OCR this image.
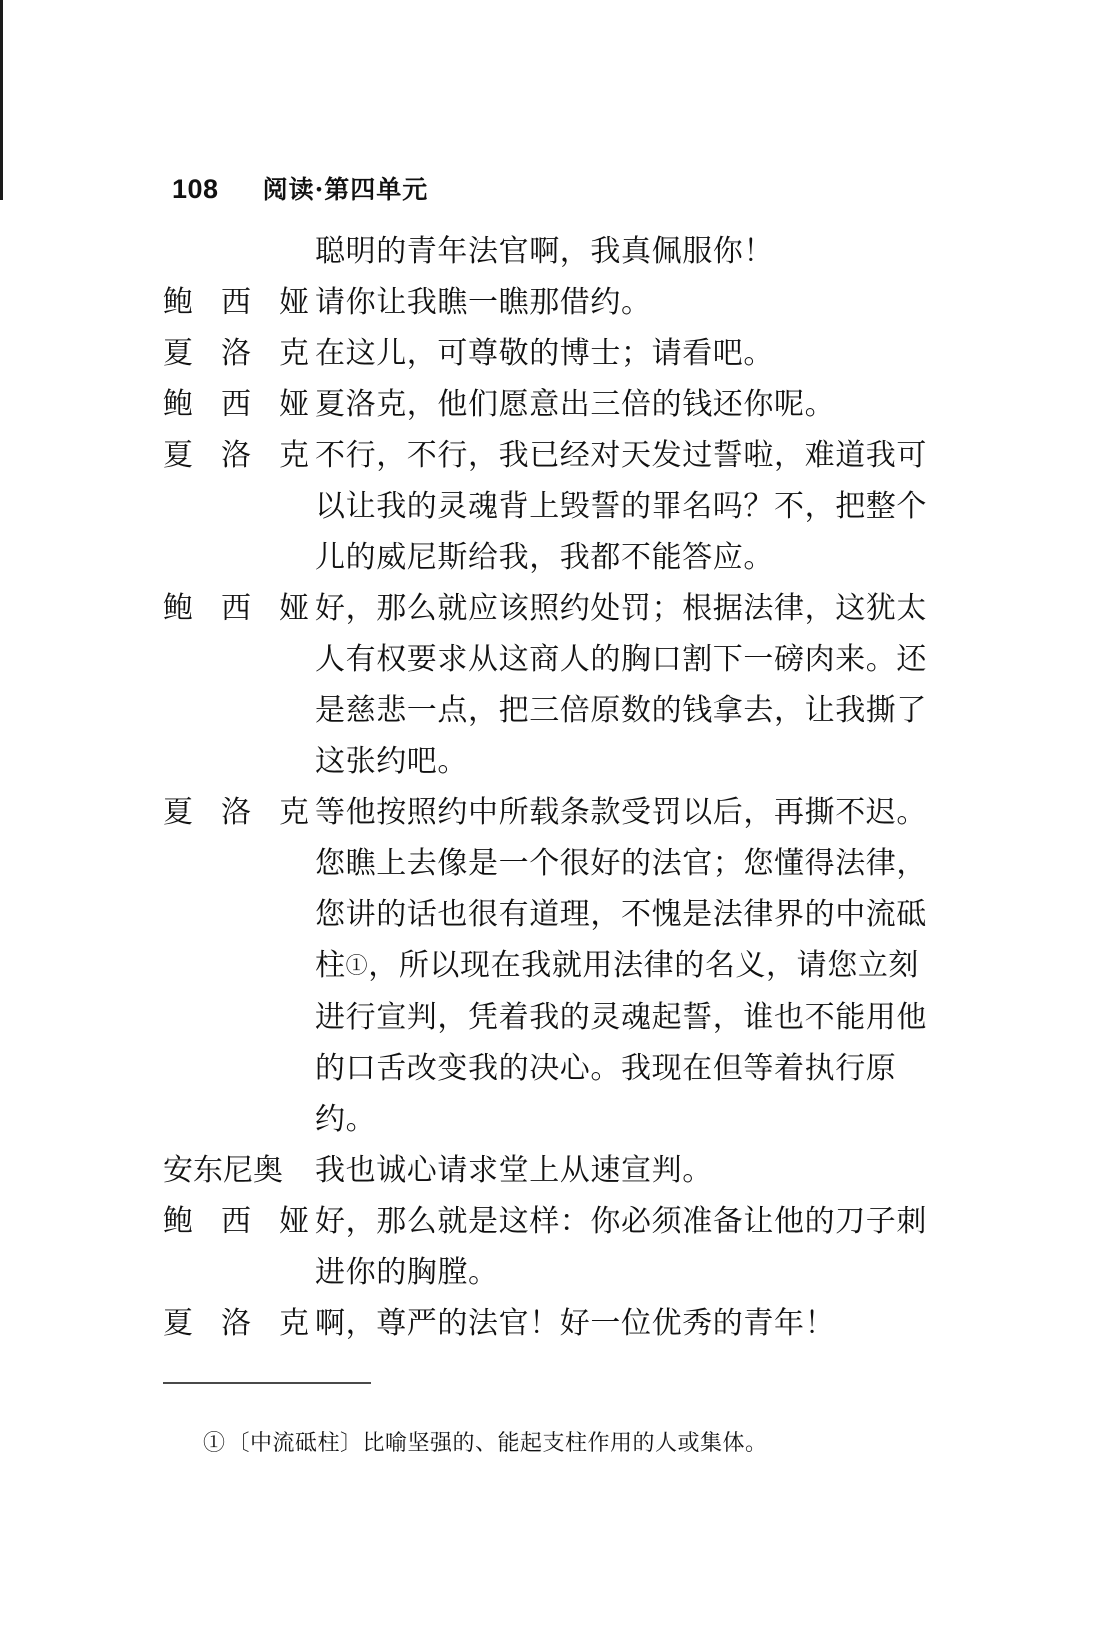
108 阅读·第四单元
聪明的青年法官啊，我真佩服你！
鲍 西 娅 请你让我瞧一瞧那借约。
夏 洛 克 在这儿，可尊敬的博士；请看吧。
鲍 西 娅 夏洛克，他们愿意出三倍的钱还你呢。
夏 洛 克 不行，不行，我已经对天发过誓啦，难道我可
以让我的灵魂背上毁誓的罪名吗？不，把整个
儿的威尼斯给我，我都不能答应。
鲍 西 娅 好，那么就应该照约处罚；根据法律，这犹太
人有权要求从这商人的胸口割下一磅肉来。还
是慈悲一点，把三倍原数的钱拿去，让我撕了
这张约吧。
夏 洛 克 等他按照约中所载条款受罚以后，再撕不迟。
您瞧上去像是一个很好的法官；您懂得法律，
您讲的话也很有道理，不愧是法律界的中流砥
柱①，所以现在我就用法律的名义，请您立刻
进行宣判，凭着我的灵魂起誓，谁也不能用他
的口舌改变我的决心。我现在但等着执行原
约。
安东尼奥	我也诚心请求堂上从速宣判。
鲍 西 娅 好，那么就是这样：你必须准备让他的刀子刺
进你的胸膛。
夏 洛 克 啊，尊严的法官！好一位优秀的青年！
①〔中流砥柱〕比喻坚强的、能起支柱作用的人或集体。
